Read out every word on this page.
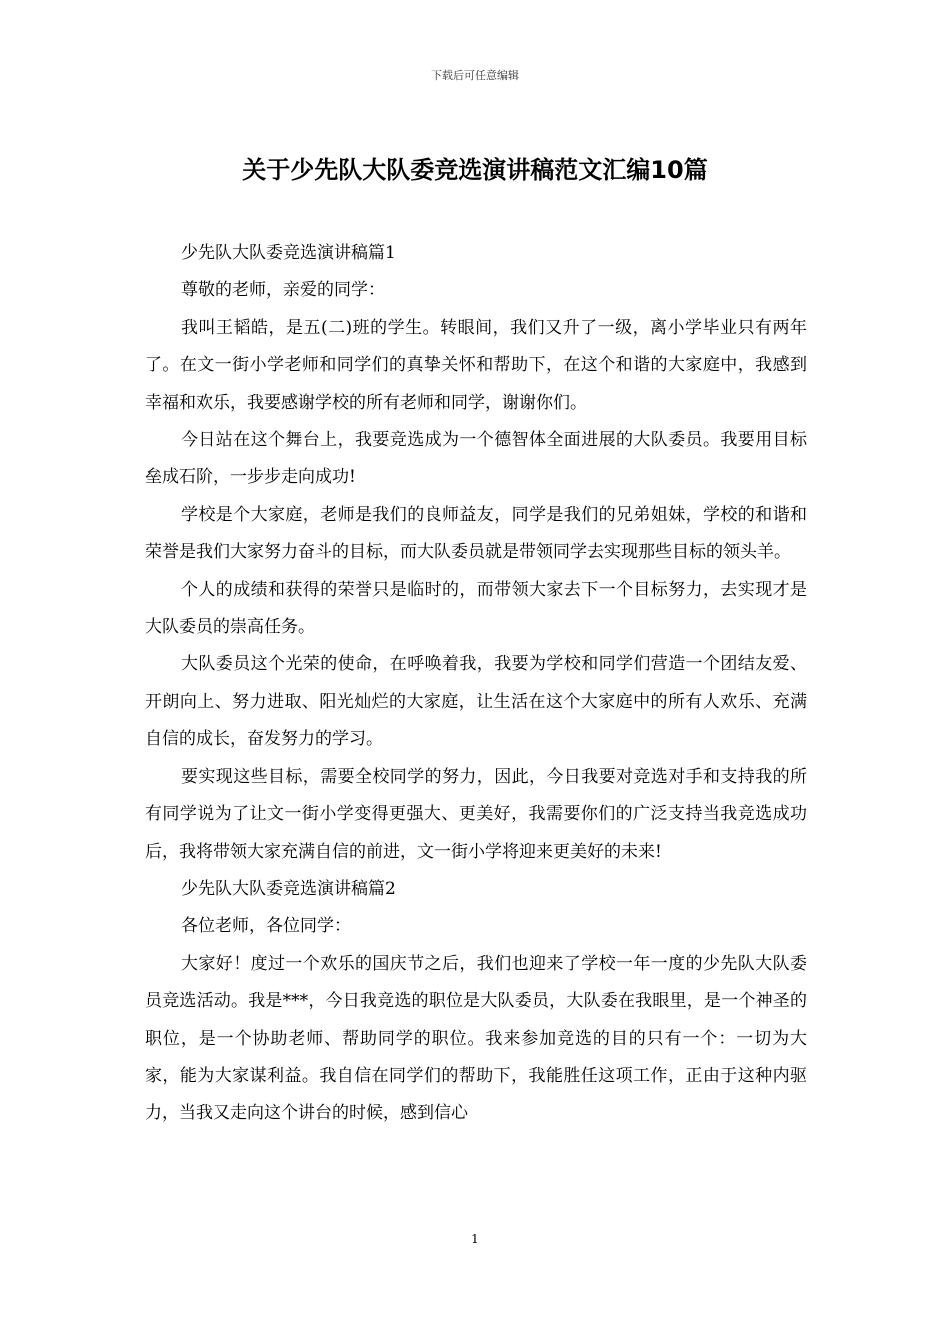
下载后可任意编辑
关于少先队大队委竞选演讲稿范文汇编10篇

少先队大队委竞选演讲稿篇1

尊敬的老师，亲爱的同学：

我叫王韬皓，是五(二)班的学生。转眼间，我们又升了一级，离小学毕业只有两年了。在文一街小学老师和同学们的真挚关怀和帮助下，在这个和谐的大家庭中，我感到幸福和欢乐，我要感谢学校的所有老师和同学，谢谢你们。

今日站在这个舞台上，我要竞选成为一个德智体全面进展的大队委员。我要用目标垒成石阶，一步步走向成功!

学校是个大家庭，老师是我们的良师益友，同学是我们的兄弟姐妹，学校的和谐和荣誉是我们大家努力奋斗的目标，而大队委员就是带领同学去实现那些目标的领头羊。

个人的成绩和获得的荣誉只是临时的，而带领大家去下一个目标努力，去实现才是大队委员的崇高任务。

大队委员这个光荣的使命，在呼唤着我，我要为学校和同学们营造一个团结友爱、开朗向上、努力进取、阳光灿烂的大家庭，让生活在这个大家庭中的所有人欢乐、充满自信的成长，奋发努力的学习。

要实现这些目标，需要全校同学的努力，因此，今日我要对竞选对手和支持我的所有同学说为了让文一街小学变得更强大、更美好，我需要你们的广泛支持当我竞选成功后，我将带领大家充满自信的前进，文一街小学将迎来更美好的未来!

少先队大队委竞选演讲稿篇2

各位老师，各位同学：

大家好！度过一个欢乐的国庆节之后，我们也迎来了学校一年一度的少先队大队委员竞选活动。我是***，今日我竞选的职位是大队委员，大队委在我眼里，是一个神圣的职位，是一个协助老师、帮助同学的职位。我来参加竞选的目的只有一个：一切为大家，能为大家谋利益。我自信在同学们的帮助下，我能胜任这项工作，正由于这种内驱力，当我又走向这个讲台的时候，感到信心

1
